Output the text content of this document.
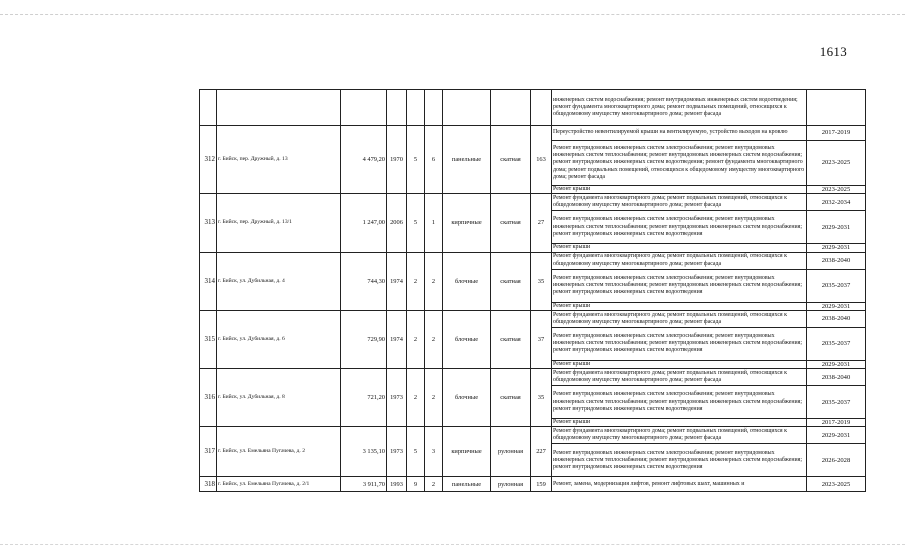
1613
									инженерных систем водоснабжения; ремонт внутридомовых инженерных систем водоотведения; ремонт фундамента многоквартирного дома; ремонт подвальных помещений, относящихся к общедомовому имуществу многоквартирного дома; ремонт фасада	
312	г. Бийск, пер. Дружный, д. 13	4 479,20	1970	5	6	панельные	скатная	163	Переустройство невентилируемой крыши на вентилируемую, устройство выходов на кровлю	2017-2019
									Ремонт внутридомовых инженерных систем электроснабжения; ремонт внутридомовых инженерных систем теплоснабжения; ремонт внутридомовых инженерных систем водоснабжения; ремонт внутридомовых инженерных систем водоотведения; ремонт фундамента многоквартирного дома; ремонт подвальных помещений, относящихся к общедомовому имуществу многоквартирного дома; ремонт фасада	2023-2025
									Ремонт крыши	2023-2025
313	г. Бийск, пер. Дружный, д. 13/1	1 247,00	2006	5	1	кирпичные	скатная	27	Ремонт фундамента многоквартирного дома; ремонт подвальных помещений, относящихся к общедомовому имуществу многоквартирного дома; ремонт фасада	2032-2034
									Ремонт внутридомовых инженерных систем электроснабжения; ремонт внутридомовых инженерных систем теплоснабжения; ремонт внутридомовых инженерных систем водоснабжения; ремонт внутридомовых инженерных систем водоотведения	2029-2031
									Ремонт крыши	2029-2031
314	г. Бийск, ул. Дубильная, д. 4	744,30	1974	2	2	блочные	скатная	35	Ремонт фундамента многоквартирного дома; ремонт подвальных помещений, относящихся к общедомовому имуществу многоквартирного дома; ремонт фасада	2038-2040
									Ремонт внутридомовых инженерных систем электроснабжения; ремонт внутридомовых инженерных систем теплоснабжения; ремонт внутридомовых инженерных систем водоснабжения; ремонт внутридомовых инженерных систем водоотведения	2035-2037
									Ремонт крыши	2029-2031
315	г. Бийск, ул. Дубильная, д. 6	729,90	1974	2	2	блочные	скатная	37	Ремонт фундамента многоквартирного дома; ремонт подвальных помещений, относящихся к общедомовому имуществу многоквартирного дома; ремонт фасада	2038-2040
									Ремонт внутридомовых инженерных систем электроснабжения; ремонт внутридомовых инженерных систем теплоснабжения; ремонт внутридомовых инженерных систем водоснабжения; ремонт внутридомовых инженерных систем водоотведения	2035-2037
									Ремонт крыши	2029-2031
316	г. Бийск, ул. Дубильная, д. 8	721,20	1973	2	2	блочные	скатная	35	Ремонт фундамента многоквартирного дома; ремонт подвальных помещений, относящихся к общедомовому имуществу многоквартирного дома; ремонт фасада	2038-2040
									Ремонт внутридомовых инженерных систем электроснабжения; ремонт внутридомовых инженерных систем теплоснабжения; ремонт внутридомовых инженерных систем водоснабжения; ремонт внутридомовых инженерных систем водоотведения	2035-2037
									Ремонт крыши	2017-2019
317	г. Бийск, ул. Емельяна Пугачева, д. 2	3 135,10	1973	5	3	кирпичные	рулонная	227	Ремонт фундамента многоквартирного дома; ремонт подвальных помещений, относящихся к общедомовому имуществу многоквартирного дома; ремонт фасада	2029-2031
									Ремонт внутридомовых инженерных систем электроснабжения; ремонт внутридомовых инженерных систем теплоснабжения; ремонт внутридомовых инженерных систем водоснабжения; ремонт внутридомовых инженерных систем водоотведения	2026-2028
318	г. Бийск, ул. Емельяна Пугачева, д. 2/1	3 911,70	1993	9	2	панельные	рулонная	159	Ремонт, замена, модернизация лифтов, ремонт лифтовых шахт, машинных и	2023-2025
